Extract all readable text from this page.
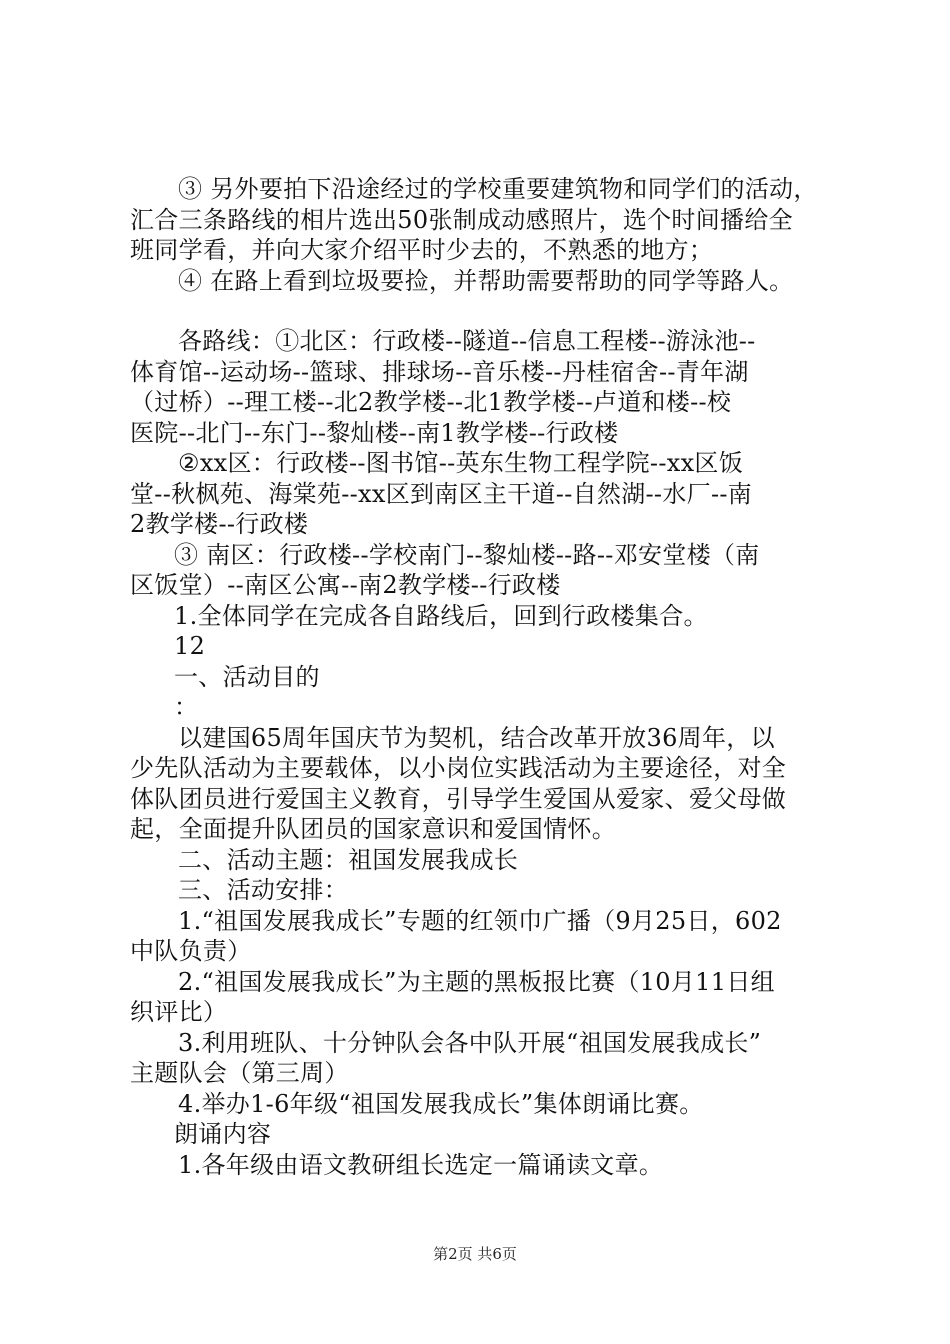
③ 另外要拍下沿途经过的学校重要建筑物和同学们的活动，
汇合三条路线的相片选出50张制成动感照片，选个时间播给全
班同学看，并向大家介绍平时少去的，不熟悉的地方；
④ 在路上看到垃圾要捡，并帮助需要帮助的同学等路人。
各路线：①北区：行政楼--隧道--信息工程楼--游泳池--
体育馆--运动场--篮球、排球场--音乐楼--丹桂宿舍--青年湖
（过桥）--理工楼--北2教学楼--北1教学楼--卢道和楼--校
医院--北门--东门--黎灿楼--南1教学楼--行政楼
②xx区：行政楼--图书馆--英东生物工程学院--xx区饭
堂--秋枫苑、海棠苑--xx区到南区主干道--自然湖--水厂--南
2教学楼--行政楼
③ 南区：行政楼--学校南门--黎灿楼--路--邓安堂楼（南
区饭堂）--南区公寓--南2教学楼--行政楼
1.全体同学在完成各自路线后，回到行政楼集合。
12
一、活动目的
：
以建国65周年国庆节为契机，结合改革开放36周年，以
少先队活动为主要载体，以小岗位实践活动为主要途径，对全
体队团员进行爱国主义教育，引导学生爱国从爱家、爱父母做
起，全面提升队团员的国家意识和爱国情怀。
二、活动主题：祖国发展我成长
三、活动安排：
1.“祖国发展我成长”专题的红领巾广播（9月25日，602
中队负责）
2.“祖国发展我成长”为主题的黑板报比赛（10月11日组
织评比）
3.利用班队、十分钟队会各中队开展“祖国发展我成长”
主题队会（第三周）
4.举办1-6年级“祖国发展我成长”集体朗诵比赛。
朗诵内容
1.各年级由语文教研组长选定一篇诵读文章。
第2页 共6页
